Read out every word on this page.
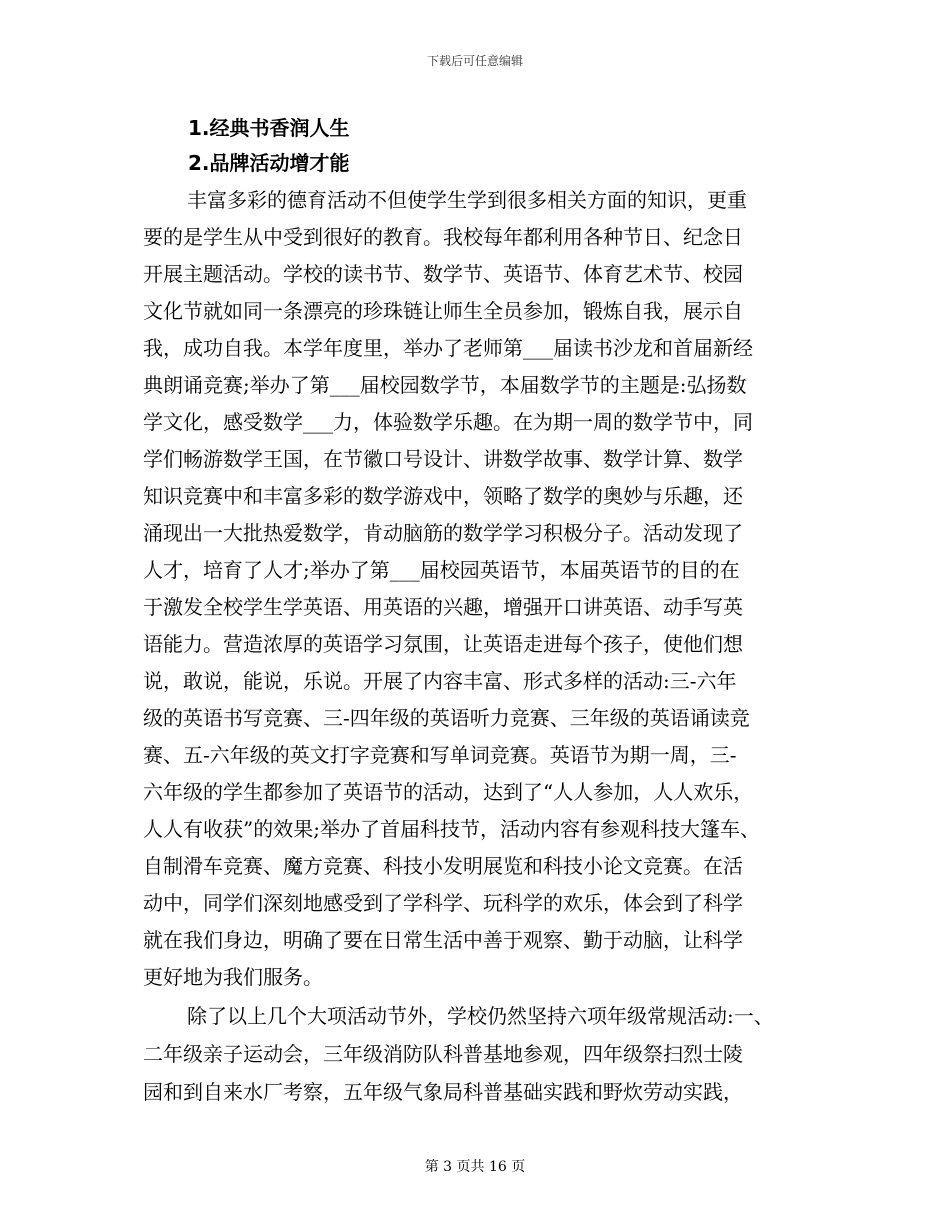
下载后可任意编辑
1.经典书香润人生
2.品牌活动增才能
丰富多彩的德育活动不但使学生学到很多相关方面的知识，更重
要的是学生从中受到很好的教育。我校每年都利用各种节日、纪念日
开展主题活动。学校的读书节、数学节、英语节、体育艺术节、校园
文化节就如同一条漂亮的珍珠链让师生全员参加，锻炼自我，展示自
我，成功自我。本学年度里，举办了老师第___届读书沙龙和首届新经
典朗诵竞赛;举办了第___届校园数学节，本届数学节的主题是:弘扬数
学文化，感受数学___力，体验数学乐趣。在为期一周的数学节中，同
学们畅游数学王国，在节徽口号设计、讲数学故事、数学计算、数学
知识竞赛中和丰富多彩的数学游戏中，领略了数学的奥妙与乐趣，还
涌现出一大批热爱数学，肯动脑筋的数学学习积极分子。活动发现了
人才，培育了人才;举办了第___届校园英语节，本届英语节的目的在
于激发全校学生学英语、用英语的兴趣，增强开口讲英语、动手写英
语能力。营造浓厚的英语学习氛围，让英语走进每个孩子，使他们想
说，敢说，能说，乐说。开展了内容丰富、形式多样的活动:三-六年
级的英语书写竞赛、三-四年级的英语听力竞赛、三年级的英语诵读竞
赛、五-六年级的英文打字竞赛和写单词竞赛。英语节为期一周，三-
六年级的学生都参加了英语节的活动，达到了“人人参加，人人欢乐，
人人有收获”的效果;举办了首届科技节，活动内容有参观科技大篷车、
自制滑车竞赛、魔方竞赛、科技小发明展览和科技小论文竞赛。在活
动中，同学们深刻地感受到了学科学、玩科学的欢乐，体会到了科学
就在我们身边，明确了要在日常生活中善于观察、勤于动脑，让科学
更好地为我们服务。
除了以上几个大项活动节外，学校仍然坚持六项年级常规活动:一、
二年级亲子运动会，三年级消防队科普基地参观，四年级祭扫烈士陵
园和到自来水厂考察，五年级气象局科普基础实践和野炊劳动实践，
第 3 页共 16 页
